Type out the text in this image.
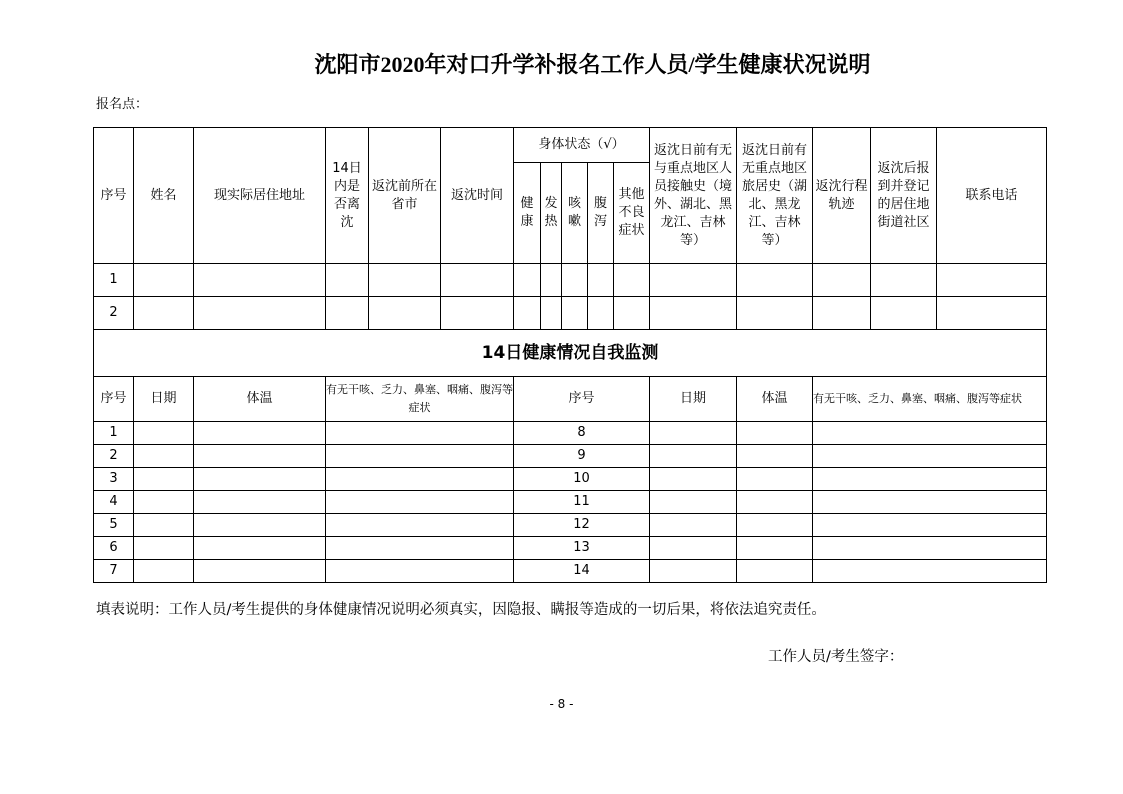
沈阳市2020年对口升学补报名工作人员/学生健康状况说明
报名点：
序号	姓名	现实际居住地址	14日内是否离沈	返沈前所在省市	返沈时间	身体状态（√）					返沈日前有无与重点地区人员接触史（境外、湖北、黑龙江、吉林等）	返沈日前有无重点地区旅居史（湖北、黑龙江、吉林等）	返沈行程轨迹	返沈后报到并登记的居住地街道社区	联系电话
						健康	发热	咳嗽	腹泻	其他不良症状					
1															
2															
14日健康情况自我监测															
序号	日期	体温	有无干咳、乏力、鼻塞、咽痛、腹泻等症状			序号					日期	体温	有无干咳、乏力、鼻塞、咽痛、腹泻等症状		
1						8									
2						9									
3						10									
4						11									
5						12									
6						13									
7						14									
填表说明：工作人员/考生提供的身体健康情况说明必须真实，因隐报、瞒报等造成的一切后果，将依法追究责任。
工作人员/考生签字：
- 8 -
